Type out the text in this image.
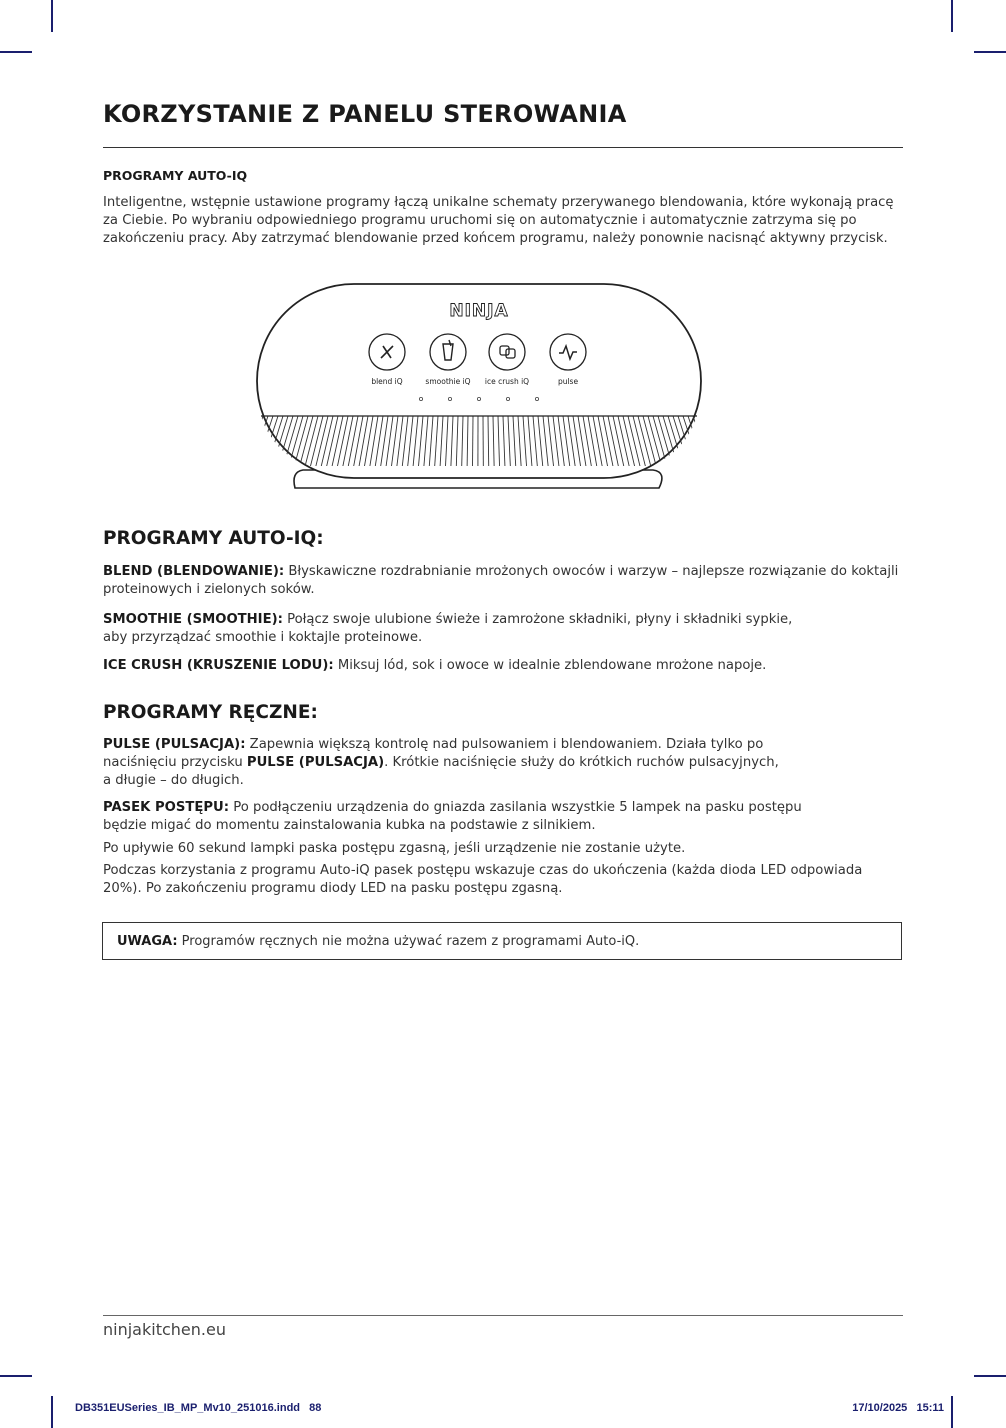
KORZYSTANIE Z PANELU STEROWANIA
PROGRAMY AUTO-IQ
Inteligentne, wstępnie ustawione programy łączą unikalne schematy przerywanego blendowania, które wykonają pracę za Ciebie. Po wybraniu odpowiedniego programu uruchomi się on automatycznie i automatycznie zatrzyma się po zakończeniu pracy. Aby zatrzymać blendowanie przed końcem programu, należy ponownie nacisnąć aktywny przycisk.
NINJA
blend iQ	smoothie iQ ice crush iQ	pulse
PROGRAMY AUTO-IQ:
BLEND (BLENDOWANIE): Błyskawiczne rozdrabnianie mrożonych owoców i warzyw – najlepsze rozwiązanie do koktajli proteinowych i zielonych soków.
SMOOTHIE (SMOOTHIE): Połącz swoje ulubione świeże i zamrożone składniki, płyny i składniki sypkie,
aby przyrządzać smoothie i koktajle proteinowe.
ICE CRUSH (KRUSZENIE LODU): Miksuj lód, sok i owoce w idealnie zblendowane mrożone napoje.
PROGRAMY RĘCZNE:
PULSE (PULSACJA): Zapewnia większą kontrolę nad pulsowaniem i blendowaniem. Działa tylko po
naciśnięciu przycisku PULSE (PULSACJA). Krótkie naciśnięcie służy do krótkich ruchów pulsacyjnych,
a długie – do długich.
PASEK POSTĘPU: Po podłączeniu urządzenia do gniazda zasilania wszystkie 5 lampek na pasku postępu
będzie migać do momentu zainstalowania kubka na podstawie z silnikiem.
Po upływie 60 sekund lampki paska postępu zgasną, jeśli urządzenie nie zostanie użyte.
Podczas korzystania z programu Auto-iQ pasek postępu wskazuje czas do ukończenia (każda dioda LED odpowiada 20%). Po zakończeniu programu diody LED na pasku postępu zgasną.
UWAGA: Programów ręcznych nie można używać razem z programami Auto-iQ.
ninjakitchen.eu
DB351EUSeries_IB_MP_Mv10_251016.indd   88	17/10/2025   15:11
